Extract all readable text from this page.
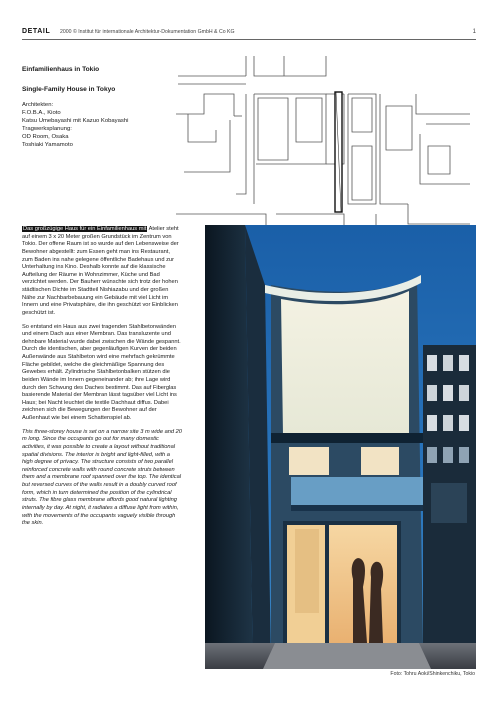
DETAIL 2000 © Institut für internationale Architektur-Dokumentation GmbH & Co KG	1
Einfamilienhaus in Tokio
Single-Family House in Tokyo
Architekten:
F.O.B.A., Kioto
Katsu Umebayashi mit Kazuo Kobayashi
Tragwerksplanung:
OD Room, Osaka
Toshiaki Yamamoto
Das großzügige Haus für ein Einfamilienhaus mit Atelier steht auf einem 3 x 20 Meter großen Grundstück im Zentrum von Tokio. Der offene Raum ist so wurde auf den Lebensweise der Bewohner abgestellt: zum Essen geht man ins Restaurant, zum Baden ins nahe gelegene öffentliche Badehaus und zur Unterhaltung ins Kino. Deshalb konnte auf die klassische Aufteilung der Räume in Wohnzimmer, Küche und Bad verzichtet werden. Der Bauherr wünschte sich trotz der hohen städtischen Dichte im Stadtteil Nishiazabu und der großen Nähe zur Nachbarbebauung ein Gebäude mit viel Licht im Innern und eine Privatsphäre, die ihn geschützt vor Einblicken geschützt ist.
So entstand ein Haus aus zwei tragenden Stahlbetonwänden und einem Dach aus einer Membran. Das transluzente und dehnbare Material wurde dabei zwischen die Wände gespannt. Durch die identischen, aber gegenläufigen Kurven der beiden Außenwände aus Stahlbeton wird eine mehrfach gekrümmte Fläche gebildet, welche die gleichmäßige Spannung des Gewebes erhält. Zylindrische Stahlbetonbalken stützen die beiden Wände im Innern gegeneinander ab; ihre Lage wird durch den Schwung des Daches bestimmt. Das auf Fiberglas basierende Material der Membran lässt tagsüber viel Licht ins Haus; bei Nacht leuchtet die textile Dachhaut diffus. Dabei zeichnen sich die Bewegungen der Bewohner auf der Außenhaut wie bei einem Schattenspiel ab.
This three-storey house is set on a narrow site 3 m wide and 20 m long. Since the occupants go out for many domestic activities, it was possible to create a layout without traditional spatial divisions. The interior is bright and light-filled, with a high degree of privacy. The structure consists of two parallel reinforced concrete walls with round concrete struts between them and a membrane roof spanned over the top. The identical but reversed curves of the walls result in a doubly curved roof form, which in turn determined the position of the cylindrical struts. The fibre glass membrane affords good natural lighting internally by day. At night, it radiates a diffuse light from within, with the movements of the occupants vaguely visible through the skin.
Foto: Tohru Aoki/Shinkenchiku, Tokio
